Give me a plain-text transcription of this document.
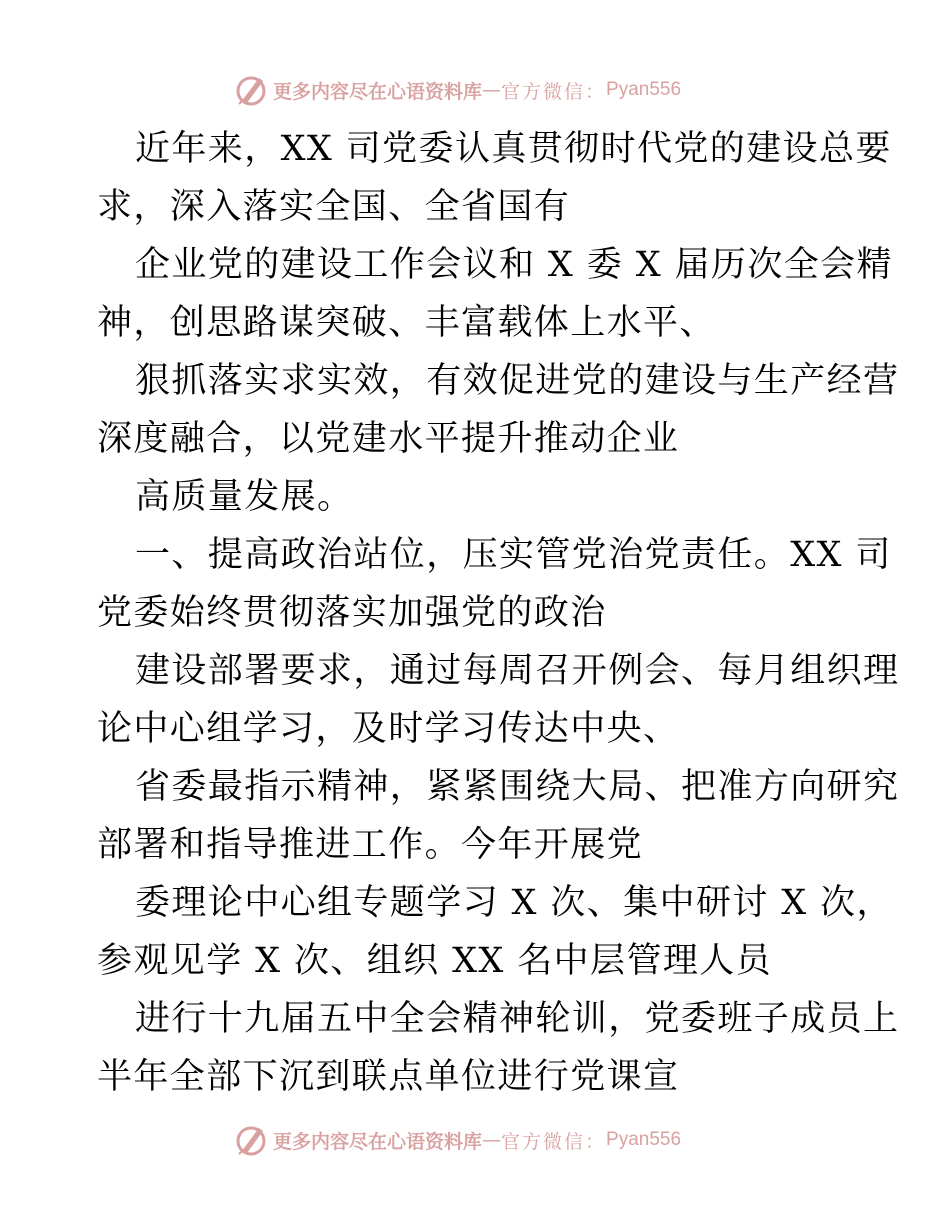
更多内容尽在心语资料库 — 官方微信： Pyan556
近年来，XX 司党委认真贯彻时代党的建设总要
求，深入落实全国、全省国有
企业党的建设工作会议和 X 委 X 届历次全会精
神，创思路谋突破、丰富载体上水平、
狠抓落实求实效，有效促进党的建设与生产经营
深度融合，以党建水平提升推动企业
高质量发展。
一、提高政治站位，压实管党治党责任。XX 司
党委始终贯彻落实加强党的政治
建设部署要求，通过每周召开例会、每月组织理
论中心组学习，及时学习传达中央、
省委最指示精神，紧紧围绕大局、把准方向研究
部署和指导推进工作。今年开展党
委理论中心组专题学习 X 次、集中研讨 X 次，
参观见学 X 次、组织 XX 名中层管理人员
进行十九届五中全会精神轮训，党委班子成员上
半年全部下沉到联点单位进行党课宣
更多内容尽在心语资料库 — 官方微信： Pyan556
